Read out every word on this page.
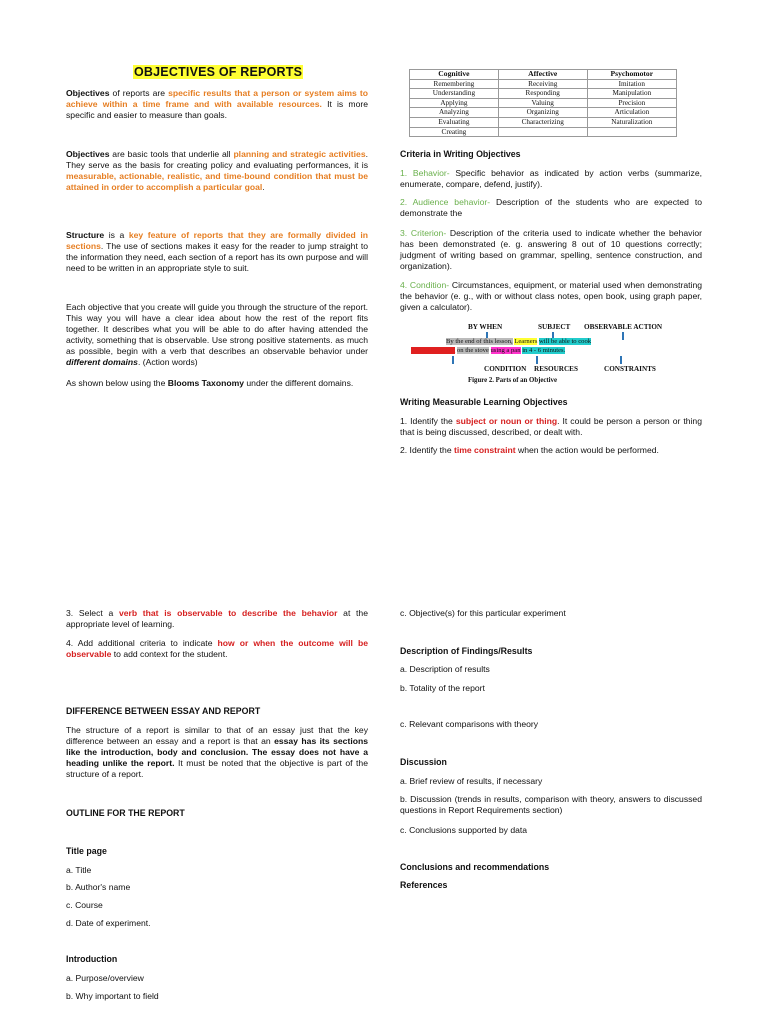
OBJECTIVES OF REPORTS

Objectives of reports are specific results that a person or system aims to achieve within a time frame and with available resources. It is more specific and easier to measure than goals.

Objectives are basic tools that underlie all planning and strategic activities. They serve as the basis for creating policy and evaluating performances, it is measurable, actionable, realistic, and time-bound condition that must be attained in order to accomplish a particular goal.

Structure is a key feature of reports that they are formally divided in sections. The use of sections makes it easy for the reader to jump straight to the information they need, each section of a report has its own purpose and will need to be written in an appropriate style to suit.

Each objective that you create will guide you through the structure of the report. This way you will have a clear idea about how the rest of the report fits together. It describes what you will be able to do after having attended the activity, something that is observable. Use strong positive statements. as much as possible, begin with a verb that describes an observable behavior under different domains. (Action words)

As shown below using the Blooms Taxonomy under the different domains.

Cognitive	Affective	Psychomotor
Remembering	Receiving	Imitation
Understanding	Responding	Manipulation
Applying	Valuing	Precision
Analyzing	Organizing	Articulation
Evaluating	Characterizing	Naturalization
Creating		
Criteria in Writing Objectives

1. Behavior- Specific behavior as indicated by action verbs (summarize, enumerate, compare, defend, justify).

2. Audience behavior- Description of the students who are expected to demonstrate the

3. Criterion- Description of the criteria used to indicate whether the behavior has been demonstrated (e. g. answering 8 out of 10 questions correctly; judgment of writing based on grammar, spelling, sentence construction, and organization).

4. Condition- Circumstances, equipment, or material used when demonstrating the behavior (e. g., with or without class notes, open book, using graph paper, given a calculator).

BY WHEN	SUBJECT OBSERVABLE ACTION
By the end of this lesson, Learners will be able to cook
a soft-boiled egg on the stove using a pan in 4 - 6 minutes.
CONDITION RESOURCES	CONSTRAINTS
Figure 2. Parts of an Objective
Writing Measurable Learning Objectives

1. Identify the subject or noun or thing. It could be person a person or thing that is being discussed, described, or dealt with.

2. Identify the time constraint when the action would be performed.

3. Select a verb that is observable to describe the behavior at the appropriate level of learning.

4. Add additional criteria to indicate how or when the outcome will be observable to add context for the student.

DIFFERENCE BETWEEN ESSAY AND REPORT

The structure of a report is similar to that of an essay just that the key difference between an essay and a report is that an essay has its sections like the introduction, body and conclusion. The essay does not have a heading unlike the report. It must be noted that the objective is part of the structure of a report.

OUTLINE FOR THE REPORT
Title page
a. Title
b. Author's name
c. Course
d. Date of experiment.
Introduction
a. Purpose/overview
b. Why important to field
c. Objective(s) for this particular experiment
Description of Findings/Results
a. Description of results
b. Totality of the report
c. Relevant comparisons with theory
Discussion
a. Brief review of results, if necessary

b. Discussion (trends in results, comparison with theory, answers to discussed questions in Report Requirements section)

c. Conclusions supported by data
Conclusions and recommendations
References
